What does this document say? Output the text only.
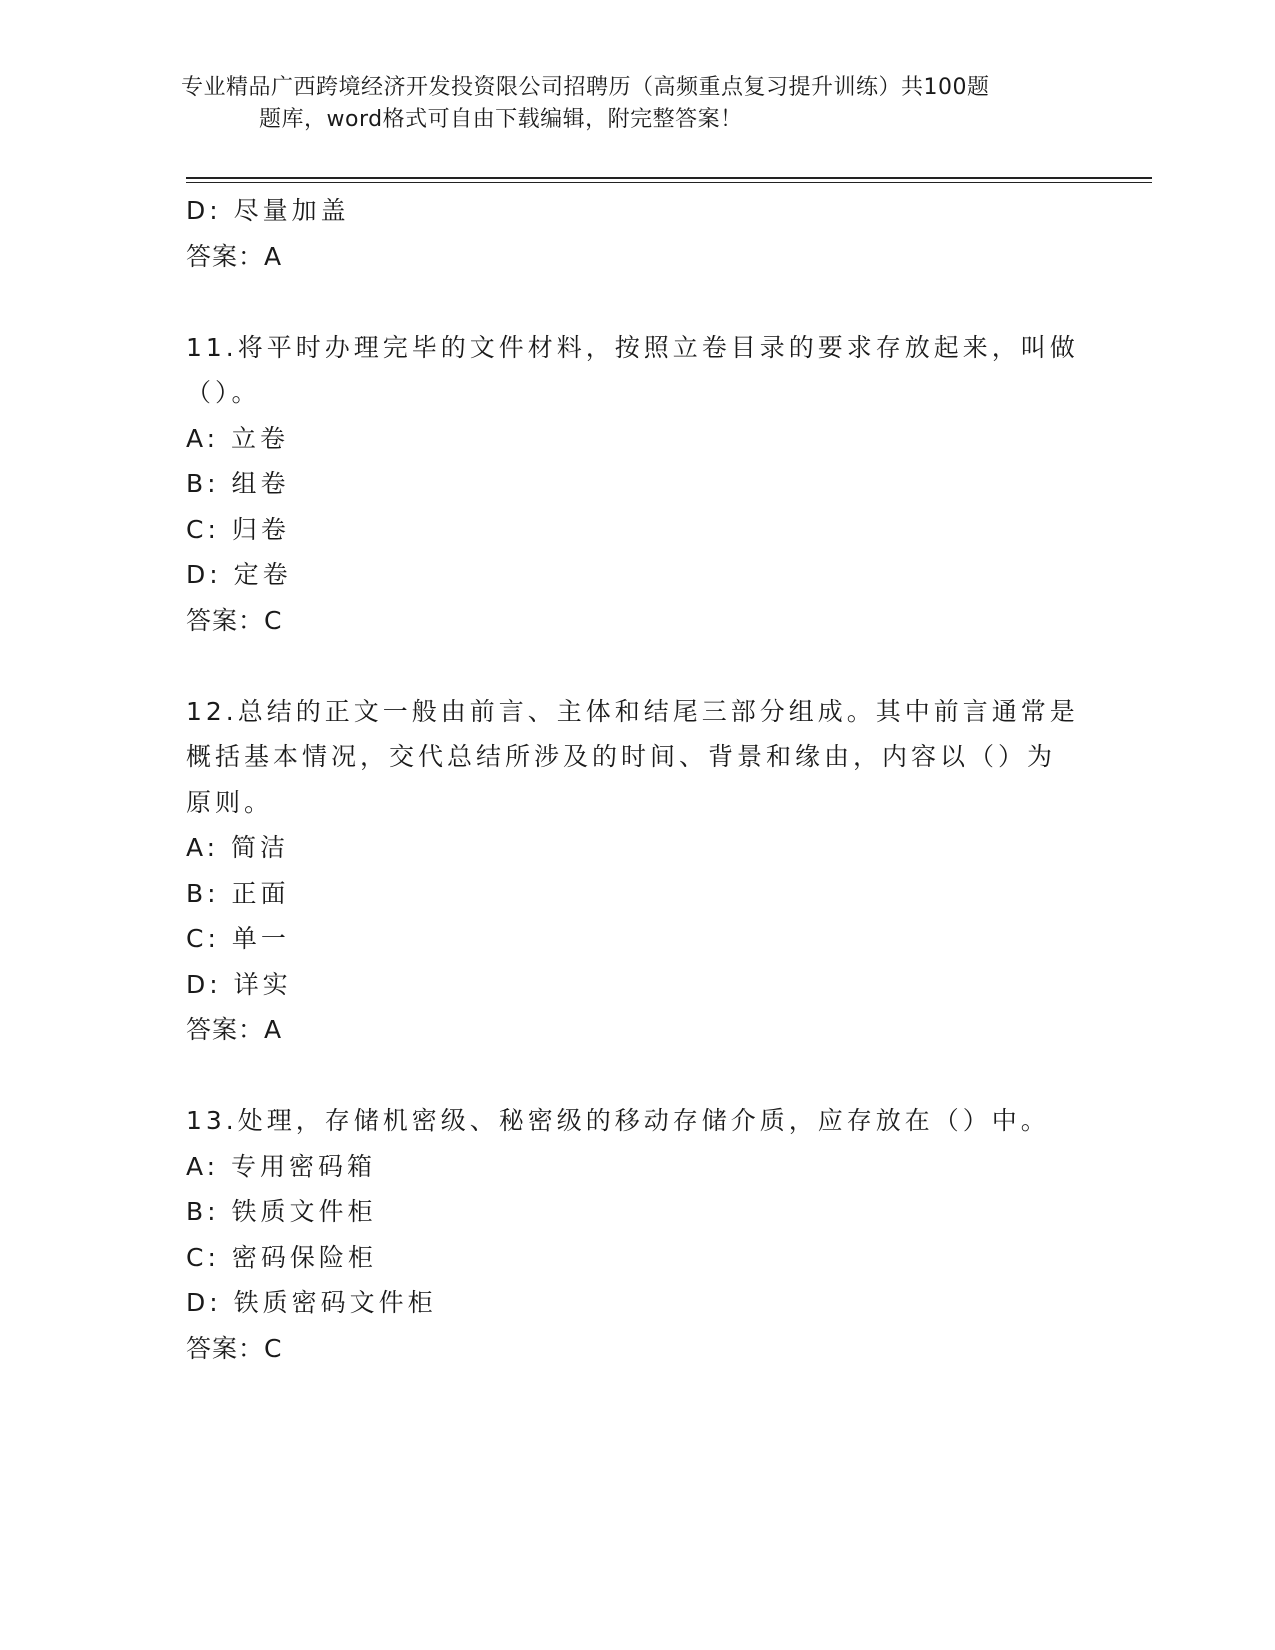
专业精品广西跨境经济开发投资限公司招聘历（高频重点复习提升训练）共100题
题库，word格式可自由下载编辑，附完整答案！
D: 尽量加盖
答案：A
11.将平时办理完毕的文件材料，按照立卷目录的要求存放起来，叫做
（）。
A: 立卷
B: 组卷
C: 归卷
D: 定卷
答案：C
12.总结的正文一般由前言、主体和结尾三部分组成。其中前言通常是
概括基本情况，交代总结所涉及的时间、背景和缘由，内容以（）为
原则。
A: 简洁
B: 正面
C: 单一
D: 详实
答案：A
13.处理，存储机密级、秘密级的移动存储介质，应存放在（）中。
A: 专用密码箱
B: 铁质文件柜
C: 密码保险柜
D: 铁质密码文件柜
答案：C
